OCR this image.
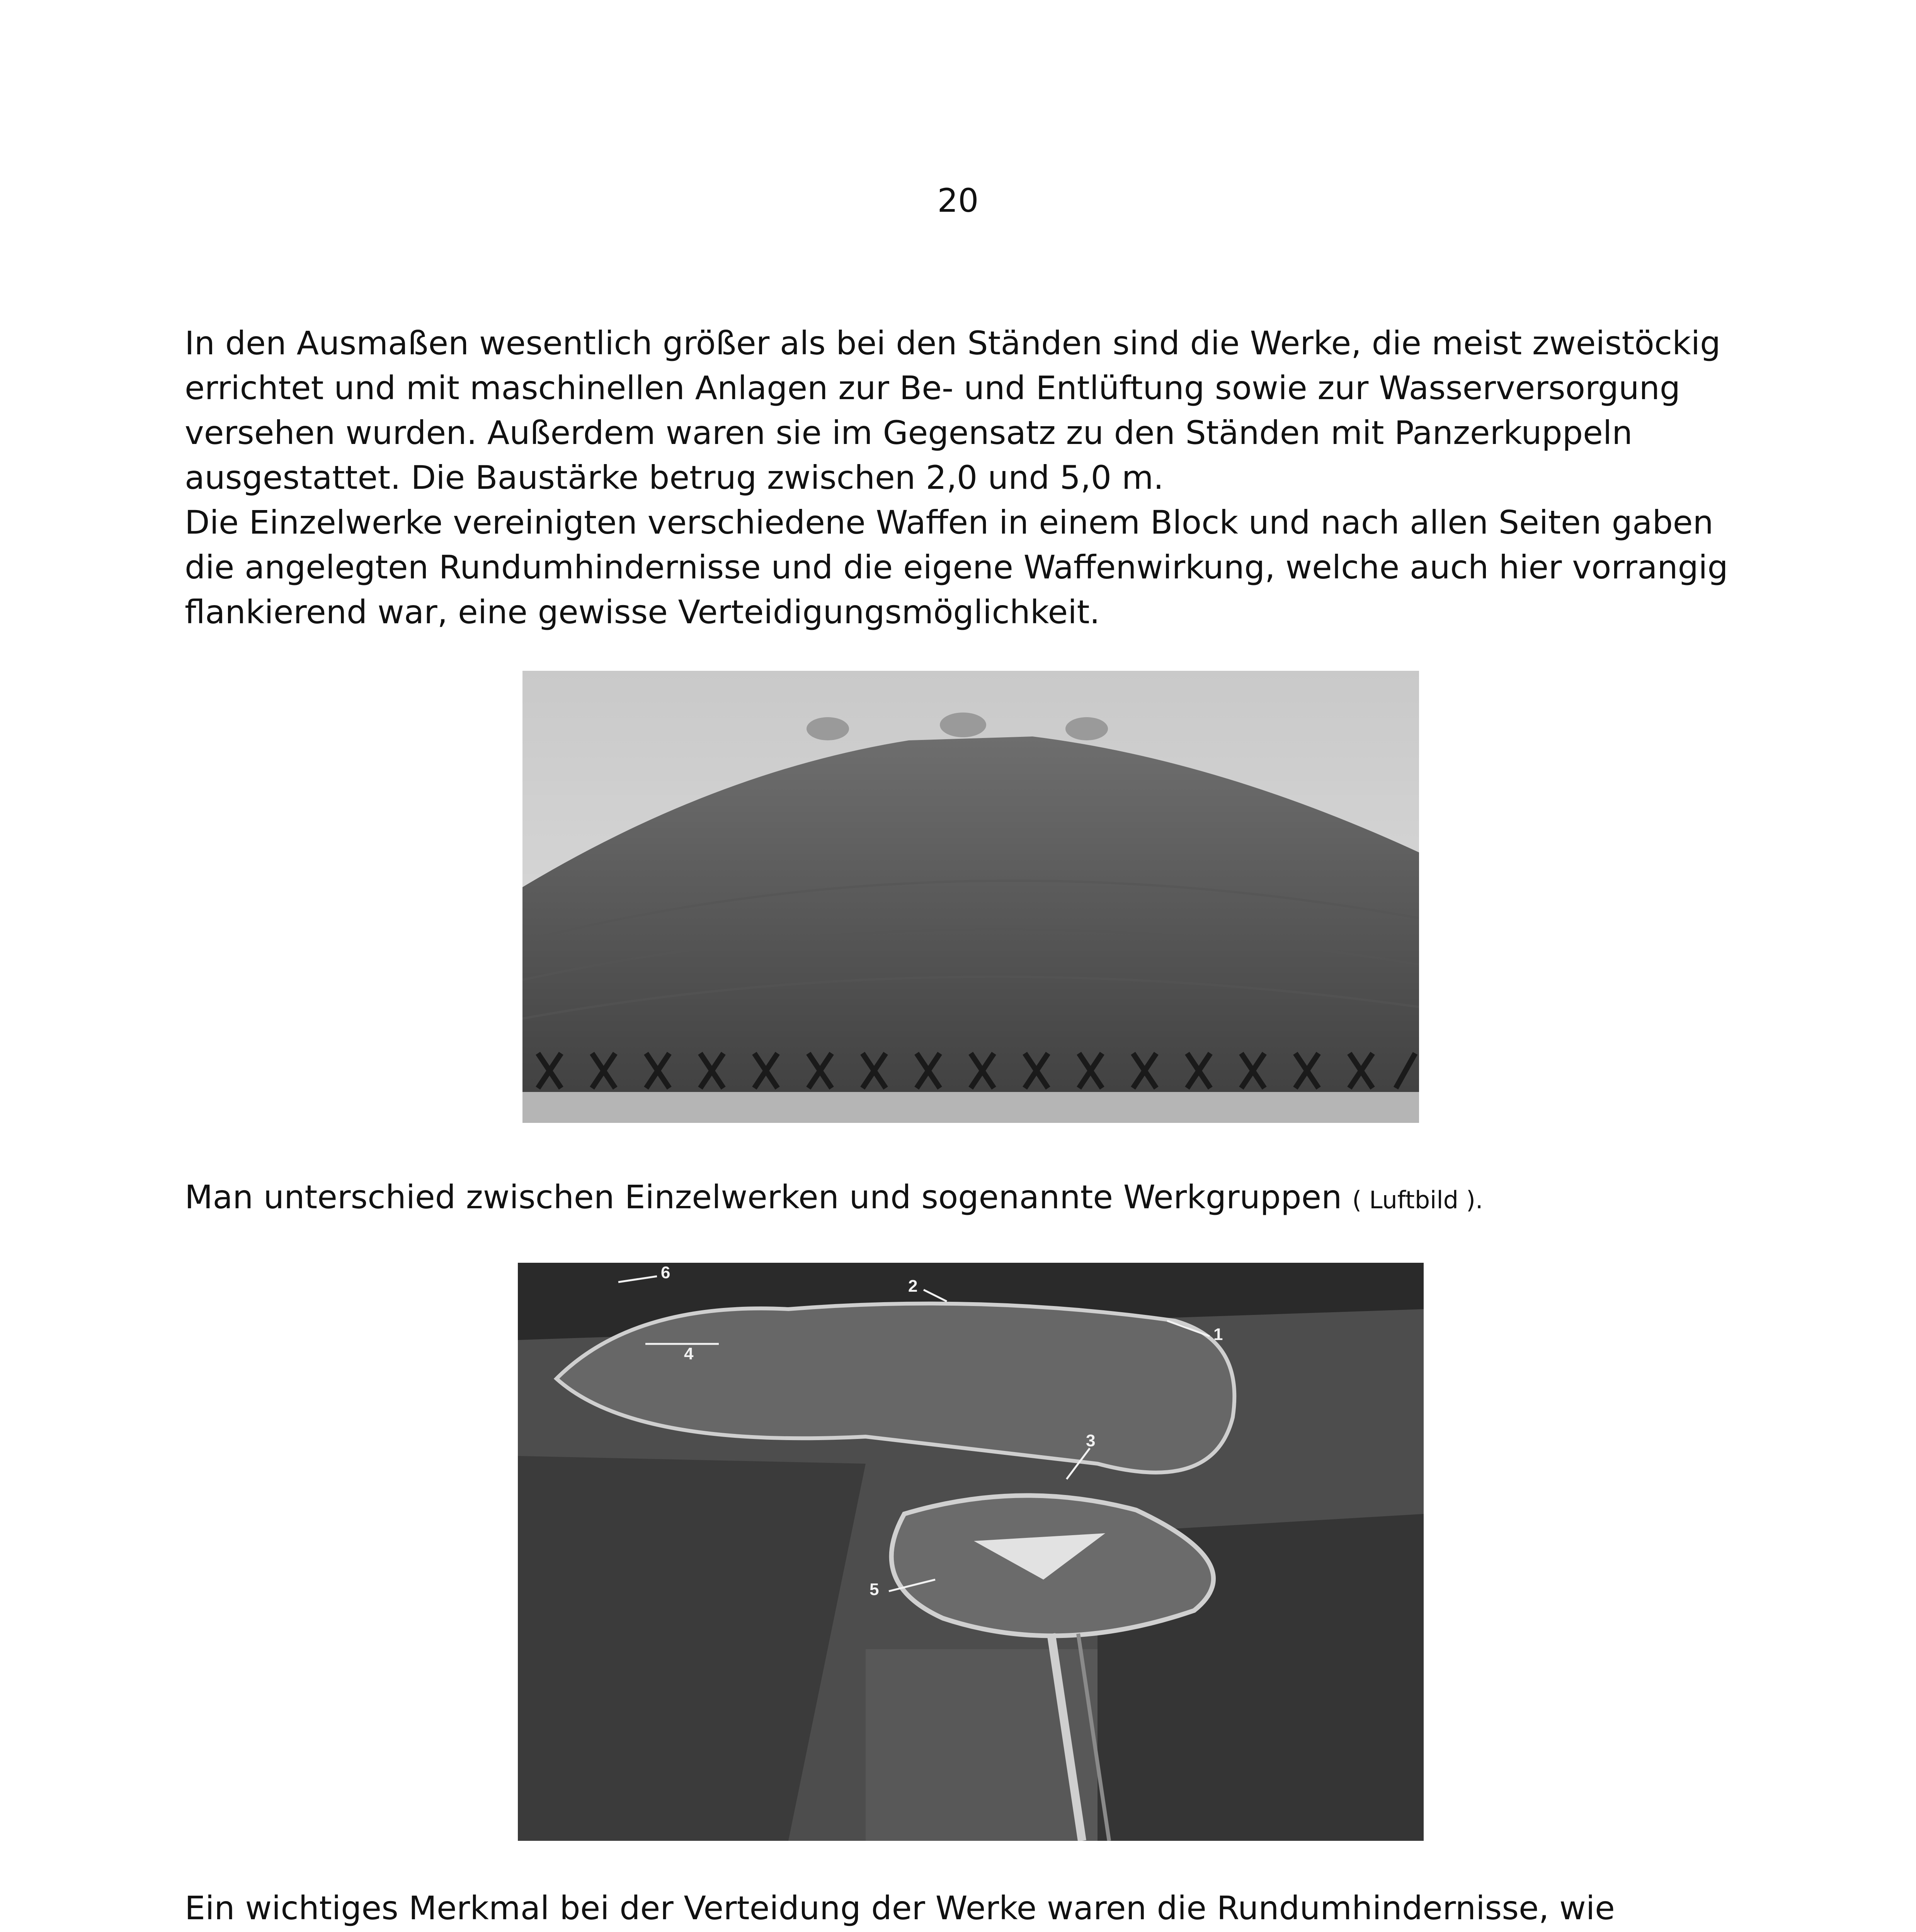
20

In den Ausmaßen wesentlich größer als bei den Ständen sind die Werke, die meist zweistöckig errichtet und mit maschinellen Anlagen zur Be- und Entlüftung sowie zur Wasserversorgung versehen wurden. Außerdem waren sie im Gegensatz zu den Ständen mit Panzerkuppeln ausgestattet. Die Baustärke betrug zwischen 2,0 und 5,0 m.

Die Einzelwerke vereinigten verschiedene Waffen in einem Block und nach allen Seiten gaben die angelegten Rundumhindernisse und die eigene Waffenwirkung, welche auch hier vorrangig flankierend war, eine gewisse Verteidigungsmöglichkeit.

Man unterschied zwischen Einzelwerken und sogenannte Werkgruppen ( Luftbild ).
1
2
3
4
5
6
Ein wichtiges Merkmal bei der Verteidung der Werke waren die Rundumhindernisse, wie
